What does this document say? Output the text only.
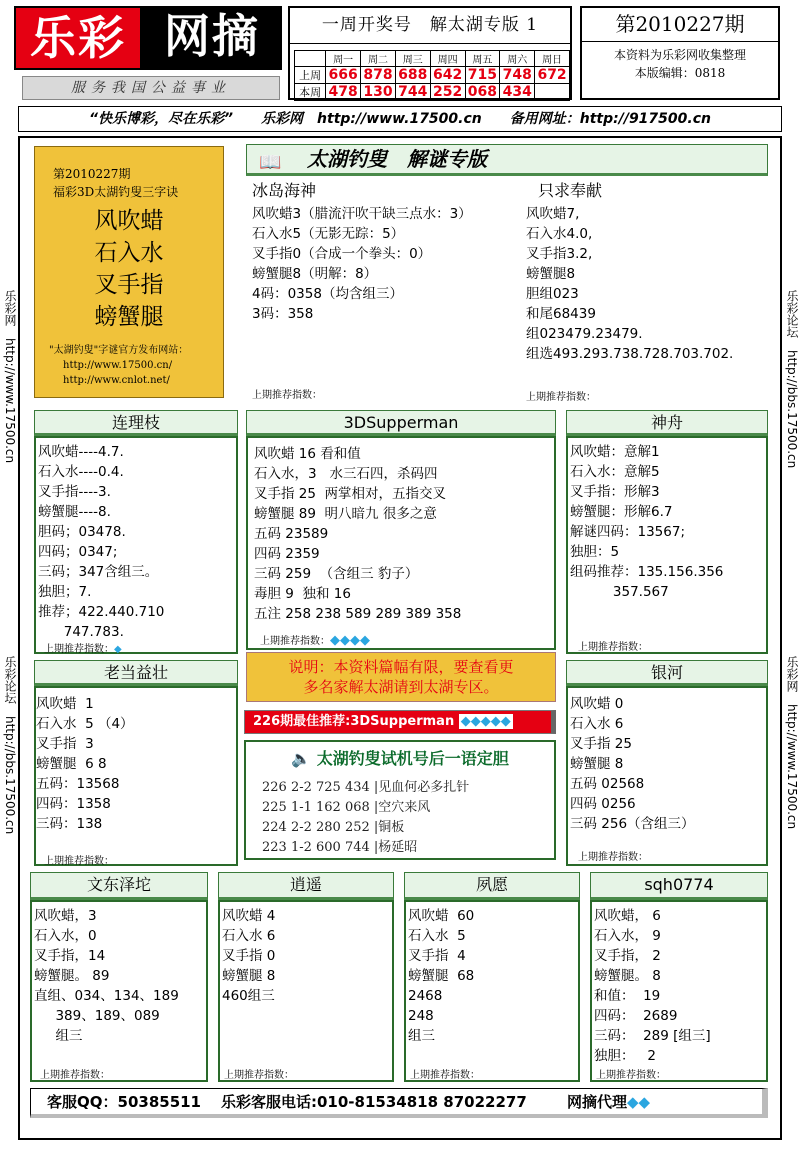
乐彩 网摘
服务我国公益事业
一周开奖号　解太湖专版 1
	周一	周二	周三	周四	周五	周六	周日
上周	666	878	688	642	715	748	672
本周	478	130	744	252	068	434	
第2010227期
本资料为乐彩网收集整理
本版编辑：0818
“快乐博彩，尽在乐彩”　　乐彩网　http://www.17500.cn　　备用网址：http://917500.cn
乐彩网　http://www.17500.cn
乐彩论坛　http://bbs.17500.cn
乐彩论坛　http://bbs.17500.cn
乐彩网　http://www.17500.cn
第2010227期
福彩3D太湖钓叟三字诀
风吹蜡
石入水
叉手指
螃蟹腿
"太湖钓叟"字谜官方发布网站：
http://www.17500.cn/
http://www.cnlot.net/
📖 太湖钓叟　解谜专版
冰岛海神
风吹蜡3（腊流汗吹干缺三点水：3）
石入水5（无影无踪：5）
叉手指0（合成一个拳头：0）
螃蟹腿8（明解：8）
4码：0358（均含组三）
3码：358
上期推荐指数：
只求奉献
风吹蜡7,
石入水4.0,
叉手指3.2,
螃蟹腿8
胆组023
和尾68439
组023479.23479.
组选493.293.738.728.703.702.
上期推荐指数：
连理枝
风吹蜡----4.7.
石入水----0.4.
叉手指----3.
螃蟹腿----8.
胆码；03478.
四码；0347;
三码；347含组三。
独胆；7.
推荐；422.440.710
747.783.
上期推荐指数：◆
3DSupperman
风吹蜡 16 看和值
石入水，3   水三石四，杀码四
叉手指 25  两掌相对，五指交叉
螃蟹腿 89  明八暗九 很多之意
五码 23589
四码 2359
三码 259  （含组三 豹子）
毒胆 9  独和 16
五注 258 238 589 289 389 358
上期推荐指数：◆◆◆◆
神舟
风吹蜡：意解1
石入水：意解5
叉手指：形解3
螃蟹腿：形解6.7
解谜四码：13567;
独胆：5
组码推荐：135.156.356
357.567
上期推荐指数：
老当益壮
风吹蜡  1
石入水  5 （4）
叉手指  3
螃蟹腿  6 8
五码：13568
四码：1358
三码：138
上期推荐指数：
说明：本资料篇幅有限，要查看更
多名家解太湖请到太湖专区。
226期最佳推荐:3DSupperman ◆◆◆◆◆
🔈 太湖钓叟试机号后一语定胆
226 2-2 725 434 |见血何必多扎针
225 1-1 162 068 |空穴来风
224 2-2 280 252 |铜板
223 1-2 600 744 |杨延昭
银河
风吹蜡 0
石入水 6
叉手指 25
螃蟹腿 8
五码 02568
四码 0256
三码 256（含组三）
上期推荐指数：
文东泽坨
风吹蜡，3
石入水，0
叉手指，14
螃蟹腿。 89
直组、034、134、189
389、189、089
组三
上期推荐指数：
逍遥
风吹蜡 4
石入水 6
叉手指 0
螃蟹腿 8
460组三
上期推荐指数：
夙愿
风吹蜡  60
石入水  5
叉手指  4
螃蟹腿  68
2468
248
组三
上期推荐指数：
sqh0774
风吹蜡， 6
石入水， 9
叉手指， 2
螃蟹腿。 8
和值：  19
四码：  2689
三码：  289 [组三]
独胆：   2
上期推荐指数：
客服QQ：50385511 乐彩客服电话:010-81534818 87022277	网摘代理◆◆
